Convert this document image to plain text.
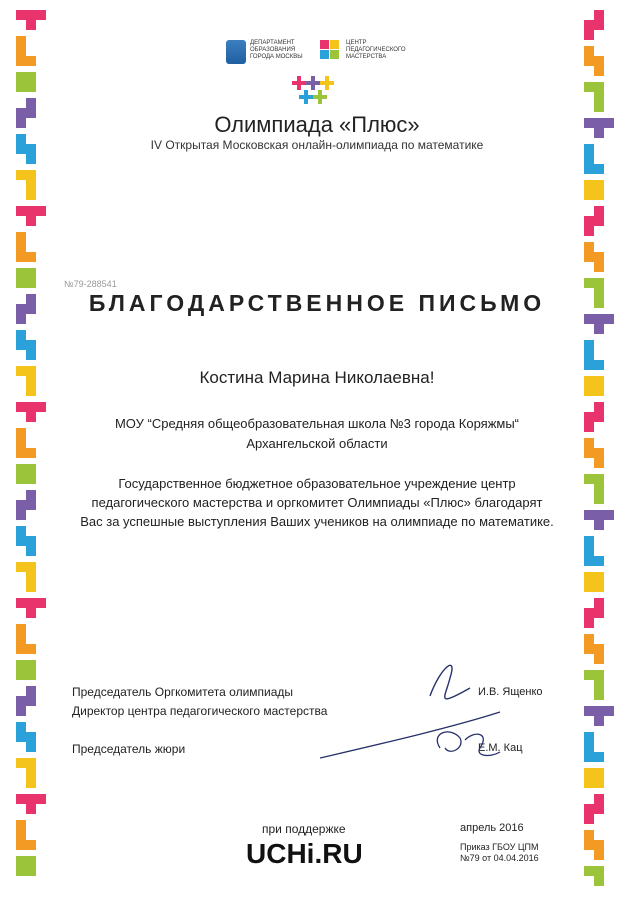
ДЕПАРТАМЕНТ ОБРАЗОВАНИЯ ГОРОДА МОСКВЫ
ЦЕНТР ПЕДАГОГИЧЕСКОГО МАСТЕРСТВА
Олимпиада «Плюс»
IV Открытая Московская онлайн-олимпиада по математике
№79-288541
БЛАГОДАРСТВЕННОЕ ПИСЬМО
Костина Марина Николаевна!
МОУ “Средняя общеобразовательная школа №3 города Коряжмы“
Архангельской области
Государственное бюджетное образовательное учреждение центр педагогического мастерства и оргкомитет Олимпиады «Плюс» благодарят Вас за успешные выступления Ваших учеников на олимпиаде по математике.
Председатель Оргкомитета олимпиады
Директор центра педагогического мастерства
И.В. Ященко
Председатель жюри	Е.М. Кац
при поддержке
UCHi.RU
апрель 2016
Приказ ГБОУ ЦПМ
№79 от 04.04.2016
